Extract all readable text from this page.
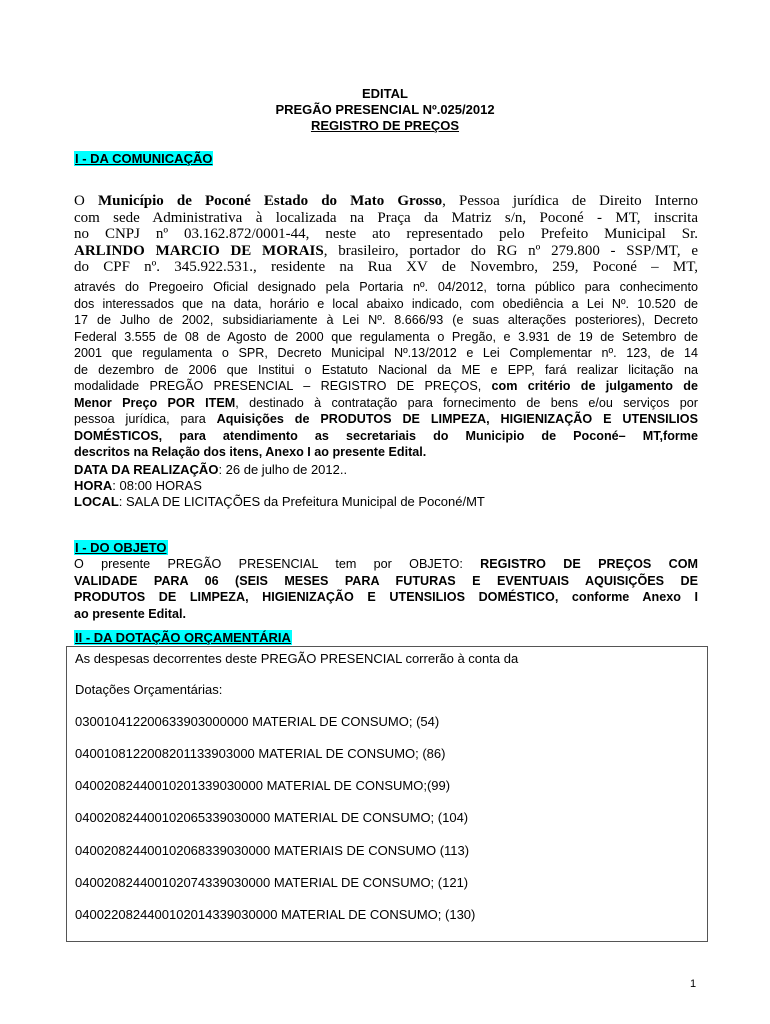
EDITAL
PREGÃO PRESENCIAL Nº.025/2012
REGISTRO DE PREÇOS
I - DA COMUNICAÇÃO
O Município de Poconé Estado do Mato Grosso, Pessoa jurídica de Direito Interno
com sede Administrativa à localizada na Praça da Matriz s/n, Poconé - MT, inscrita
no CNPJ nº 03.162.872/0001-44, neste ato representado pelo Prefeito Municipal Sr.
ARLINDO MARCIO DE MORAIS, brasileiro, portador do RG nº 279.800 - SSP/MT, e
do CPF nº. 345.922.531., residente na Rua XV de Novembro, 259, Poconé – MT,
através do Pregoeiro Oficial designado pela Portaria nº. 04/2012, torna público para conhecimento
dos interessados que na data, horário e local abaixo indicado, com obediência a Lei Nº. 10.520 de
17 de Julho de 2002, subsidiariamente à Lei Nº. 8.666/93 (e suas alterações posteriores), Decreto
Federal 3.555 de 08 de Agosto de 2000 que regulamenta o Pregão, e 3.931 de 19 de Setembro de
2001 que regulamenta o SPR, Decreto Municipal Nº.13/2012 e Lei Complementar nº. 123, de 14
de dezembro de 2006 que Institui o Estatuto Nacional da ME e EPP, fará realizar licitação na
modalidade PREGÃO PRESENCIAL – REGISTRO DE PREÇOS, com critério de julgamento de
Menor Preço POR ITEM, destinado à contratação para fornecimento de bens e/ou serviços por
pessoa jurídica, para Aquisições de PRODUTOS DE LIMPEZA, HIGIENIZAÇÃO E UTENSILIOS
DOMÉSTICOS, para atendimento as secretariais do Municipio de Poconé– MT,forme
descritos na Relação dos itens, Anexo I ao presente Edital.
DATA DA REALIZAÇÃO: 26 de julho de 2012..
HORA: 08:00 HORAS
LOCAL: SALA DE LICITAÇÕES da Prefeitura Municipal de Poconé/MT
I - DO OBJETO
O presente PREGÃO PRESENCIAL tem por OBJETO: REGISTRO DE PREÇOS COM
VALIDADE PARA 06 (SEIS MESES PARA FUTURAS E EVENTUAIS AQUISIÇÕES DE
PRODUTOS DE LIMPEZA, HIGIENIZAÇÃO E UTENSILIOS DOMÉSTICO, conforme Anexo I
ao presente Edital.
II - DA DOTAÇÃO ORÇAMENTÁRIA
As despesas decorrentes deste PREGÃO PRESENCIAL correrão à conta da
Dotações Orçamentárias:
030010412200633903000000 MATERIAL DE CONSUMO; (54)
0400108122008201133903000 MATERIAL DE CONSUMO; (86)
04002082440010201339030000 MATERIAL DE CONSUMO;(99)
040020824400102065339030000 MATERIAL DE CONSUMO; (104)
040020824400102068339030000 MATERIAIS DE CONSUMO (113)
040020824400102074339030000 MATERIAL DE CONSUMO; (121)
0400220824400102014339030000 MATERIAL DE CONSUMO; (130)
1
